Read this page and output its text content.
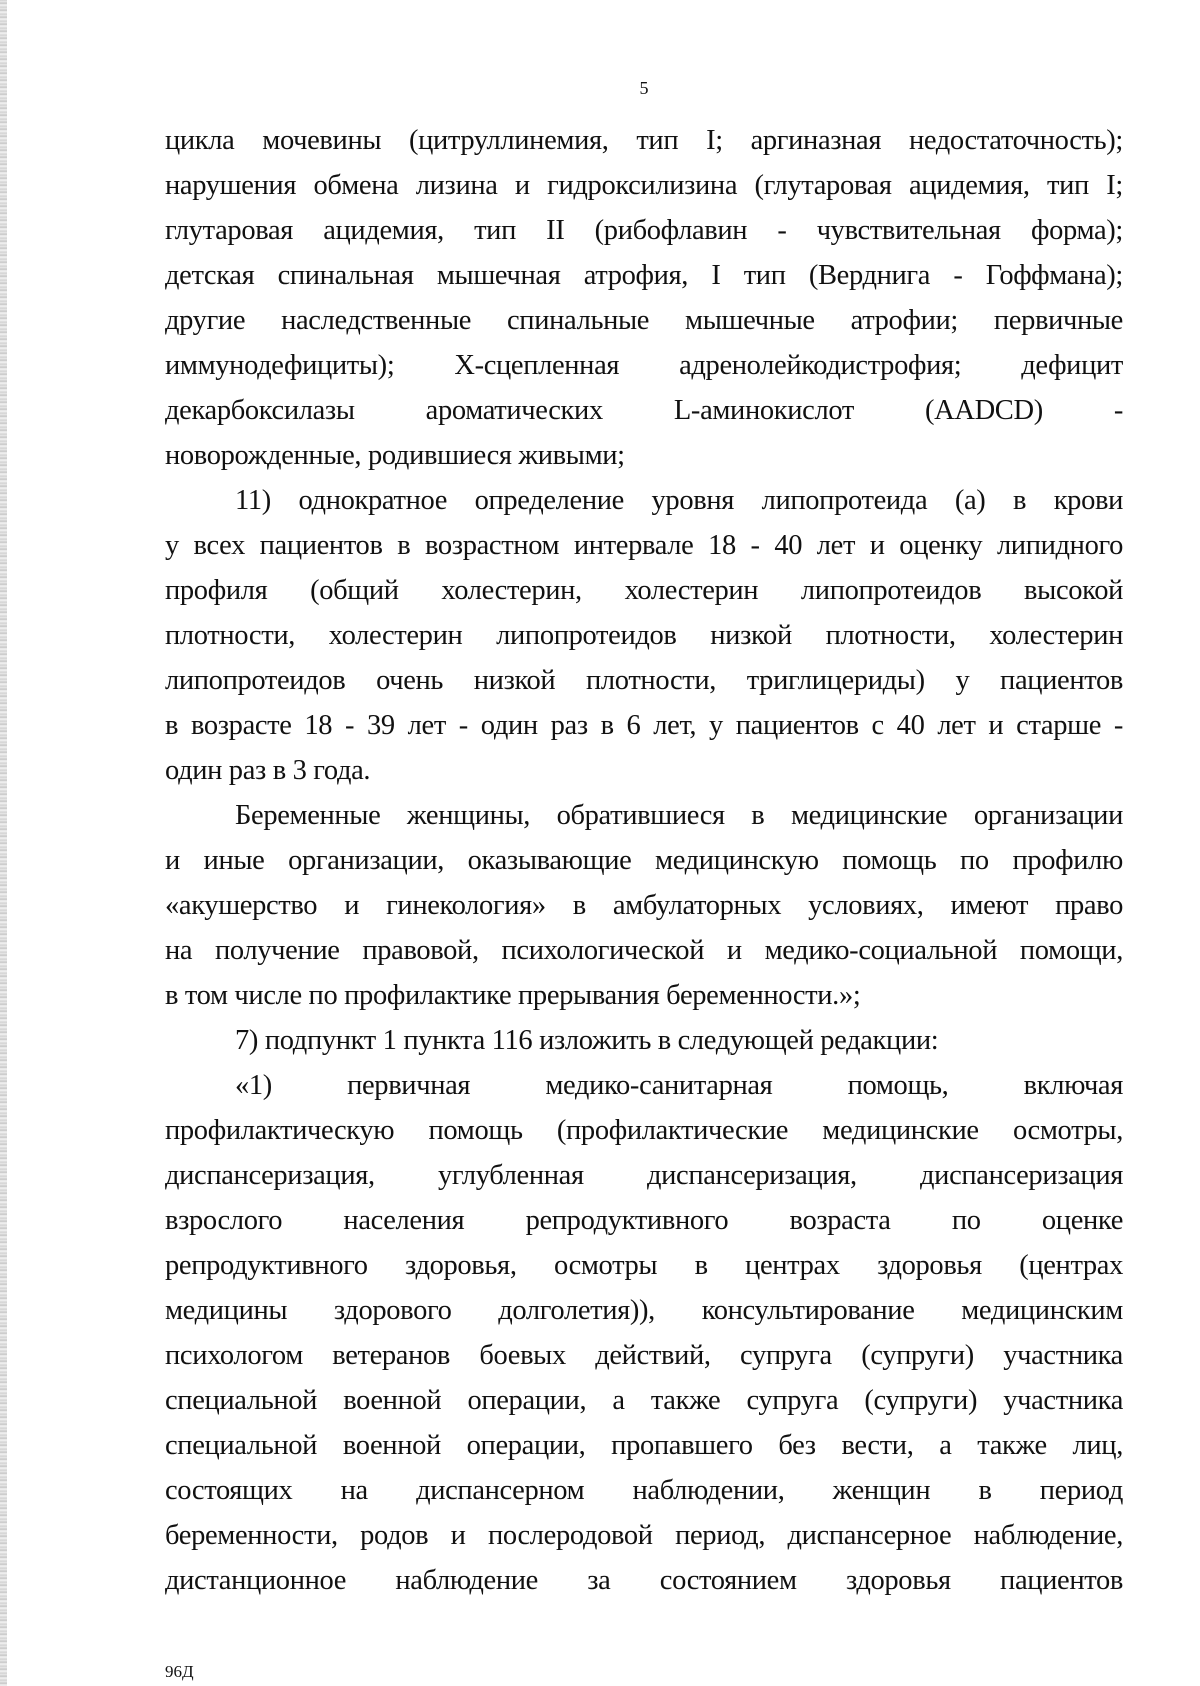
5
цикла мочевины (цитруллинемия, тип I; аргиназная недостаточность);
нарушения обмена лизина и гидроксилизина (глутаровая ацидемия, тип I;
глутаровая ацидемия, тип II (рибофлавин - чувствительная форма);
детская спинальная мышечная атрофия, I тип (Верднига - Гоффмана);
другие наследственные спинальные мышечные атрофии; первичные
иммунодефициты); Х-сцепленная адренолейкодистрофия; дефицит
декарбоксилазы ароматических L-аминокислот (AADCD) -
новорожденные, родившиеся живыми;
11) однократное определение уровня липопротеида (а) в крови
у всех пациентов в возрастном интервале 18 - 40 лет и оценку липидного
профиля (общий холестерин, холестерин липопротеидов высокой
плотности, холестерин липопротеидов низкой плотности, холестерин
липопротеидов очень низкой плотности, триглицериды) у пациентов
в возрасте 18 - 39 лет - один раз в 6 лет, у пациентов с 40 лет и старше -
один раз в 3 года.
Беременные женщины, обратившиеся в медицинские организации
и иные организации, оказывающие медицинскую помощь по профилю
«акушерство и гинекология» в амбулаторных условиях, имеют право
на получение правовой, психологической и медико-социальной помощи,
в том числе по профилактике прерывания беременности.»;
7) подпункт 1 пункта 116 изложить в следующей редакции:
«1) первичная медико-санитарная помощь, включая
профилактическую помощь (профилактические медицинские осмотры,
диспансеризация, углубленная диспансеризация, диспансеризация
взрослого населения репродуктивного возраста по оценке
репродуктивного здоровья, осмотры в центрах здоровья (центрах
медицины здорового долголетия)), консультирование медицинским
психологом ветеранов боевых действий, супруга (супруги) участника
специальной военной операции, а также супруга (супруги) участника
специальной военной операции, пропавшего без вести, а также лиц,
состоящих на диспансерном наблюдении, женщин в период
беременности, родов и послеродовой период, диспансерное наблюдение,
дистанционное наблюдение за состоянием здоровья пациентов
96Д
